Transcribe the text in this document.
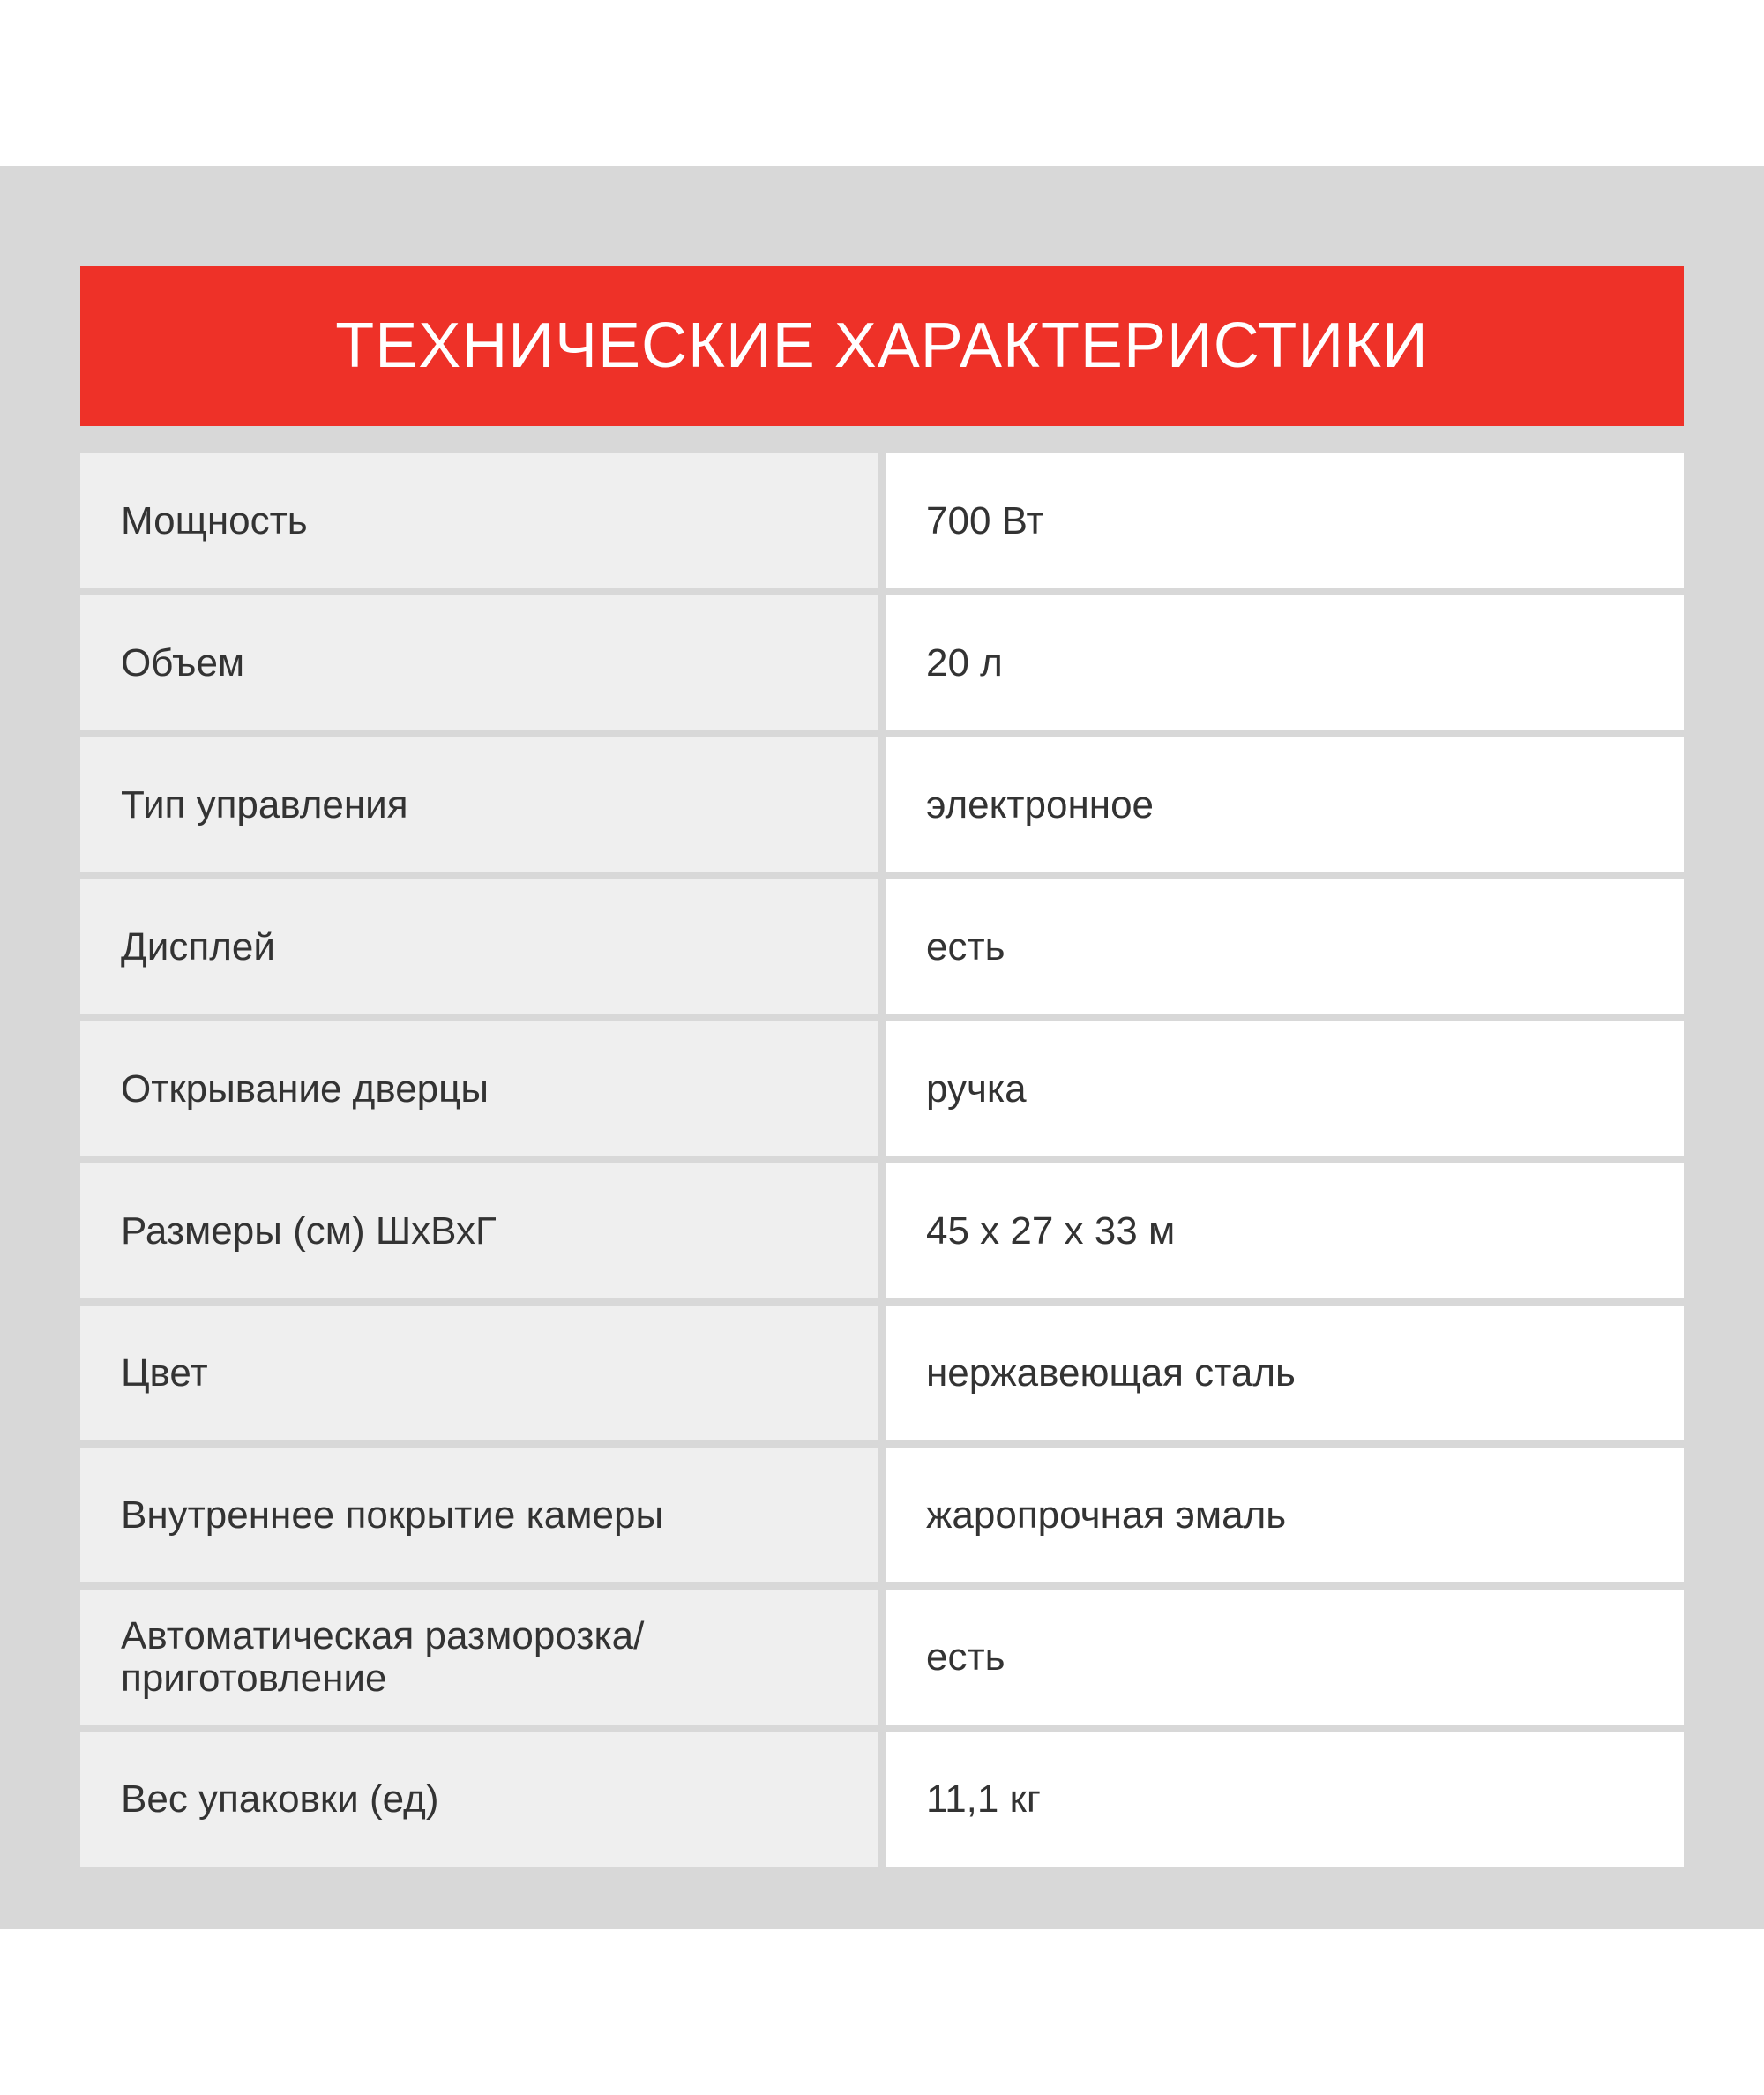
ТЕХНИЧЕСКИЕ ХАРАКТЕРИСТИКИ
Мощность	700 Вт
Объем	20 л
Тип управления	электронное
Дисплей	есть
Открывание дверцы	ручка
Размеры (см) ШхВхГ	45 х 27 х 33 м
Цвет	нержавеющая сталь
Внутреннее покрытие камеры	жаропрочная эмаль
Автоматическая разморозка/приготовление	есть
Вес упаковки (ед)	11,1 кг
